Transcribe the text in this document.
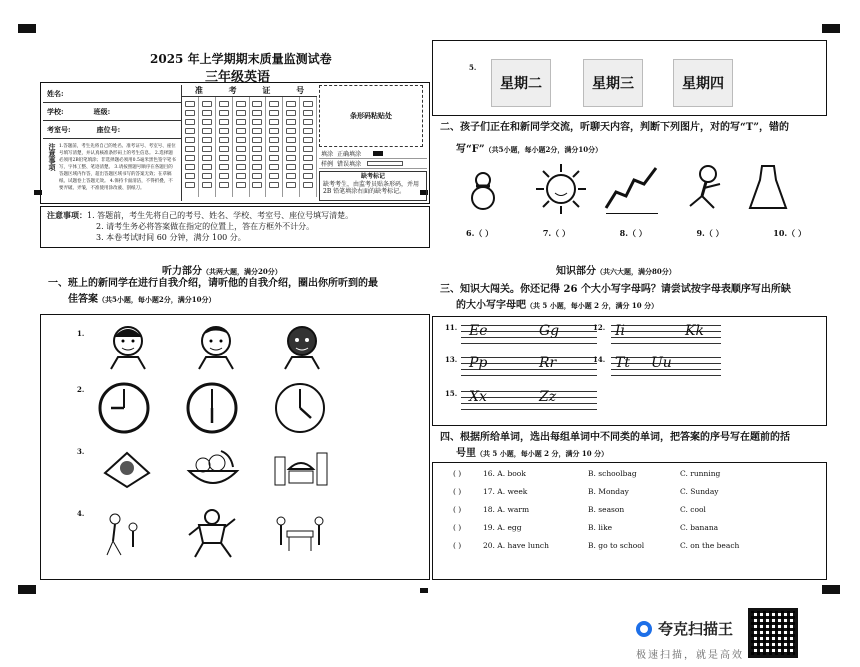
2025 年上学期期末质量监测试卷
三年级英语
姓名:
学校:	班级:
考室号:	座位号:
注意事项 1.答题前，考生先将自己的姓名、准考证号、考室号、座位号填写清楚，并认真核准条形码上的考生信息。 2.选择题必须用2B铅笔填涂；非选择题必须用0.5毫米黑色签字笔书写，字体工整、笔迹清楚。 3.请按照题号顺序在各题目的答题区域内作答，超出答题区域书写的答案无效；在草稿纸、试题卷上答题无效。 4.保持卡面清洁，不得折叠，不要弄破、弄皱，不准使用涂改液、刮纸刀。
准	考	证	号
条形码粘贴处
填涂 正确填涂
样例 错误填涂
缺考标记
缺考考生，由监考员贴条形码，并用 2B 铅笔填涂右面的缺考标记。
注意事项：1. 答题前，考生先将自己的考号、姓名、学校、考室号、座位号填写清楚。
2. 请考生务必将答案做在指定的位置上，答在方框外不计分。
3. 本卷考试时间 60 分钟，满分 100 分。
听力部分（共两大题，满分20分）
一、班上的新同学在进行自我介绍，请听他的自我介绍，圈出你所听到的最
佳答案（共5小题，每小题2分，满分10分）
1.
2.
3.
4.
5.
星期二	星期三	星期四
二、孩子们正在和新同学交流，听聊天内容，判断下列图片，对的写“T”，错的
写“F”（共5小题，每小题2分，满分10分）
6.（ ）	7.（ ）	8.（ ）	9.（ ）	10.（ ）
知识部分（共六大题，满分80分）
三、知识大闯关。你还记得 26 个大小写字母吗？请尝试按字母表顺序写出所缺
的大小写字母吧（共 5 小题，每小题 2 分，满分 10 分）
11. Ee	Gg	12. Ii	Kk
13. Pp	Rr	14. Tt Uu
15. Xx	Zz
四、根据所给单词，选出每组单词中不同类的单词，把答案的序号写在题前的括
号里（共 5 小题，每小题 2 分，满分 10 分）
( )	16. A. book	B. schoolbag	C. running
( )	17. A. week	B. Monday	C. Sunday
( )	18. A. warm	B. season	C. cool
( )	19. A. egg	B. like	C. banana
( )	20. A. have lunch	B. go to school	C. on the beach
夸克扫描王
极速扫描，就是高效
